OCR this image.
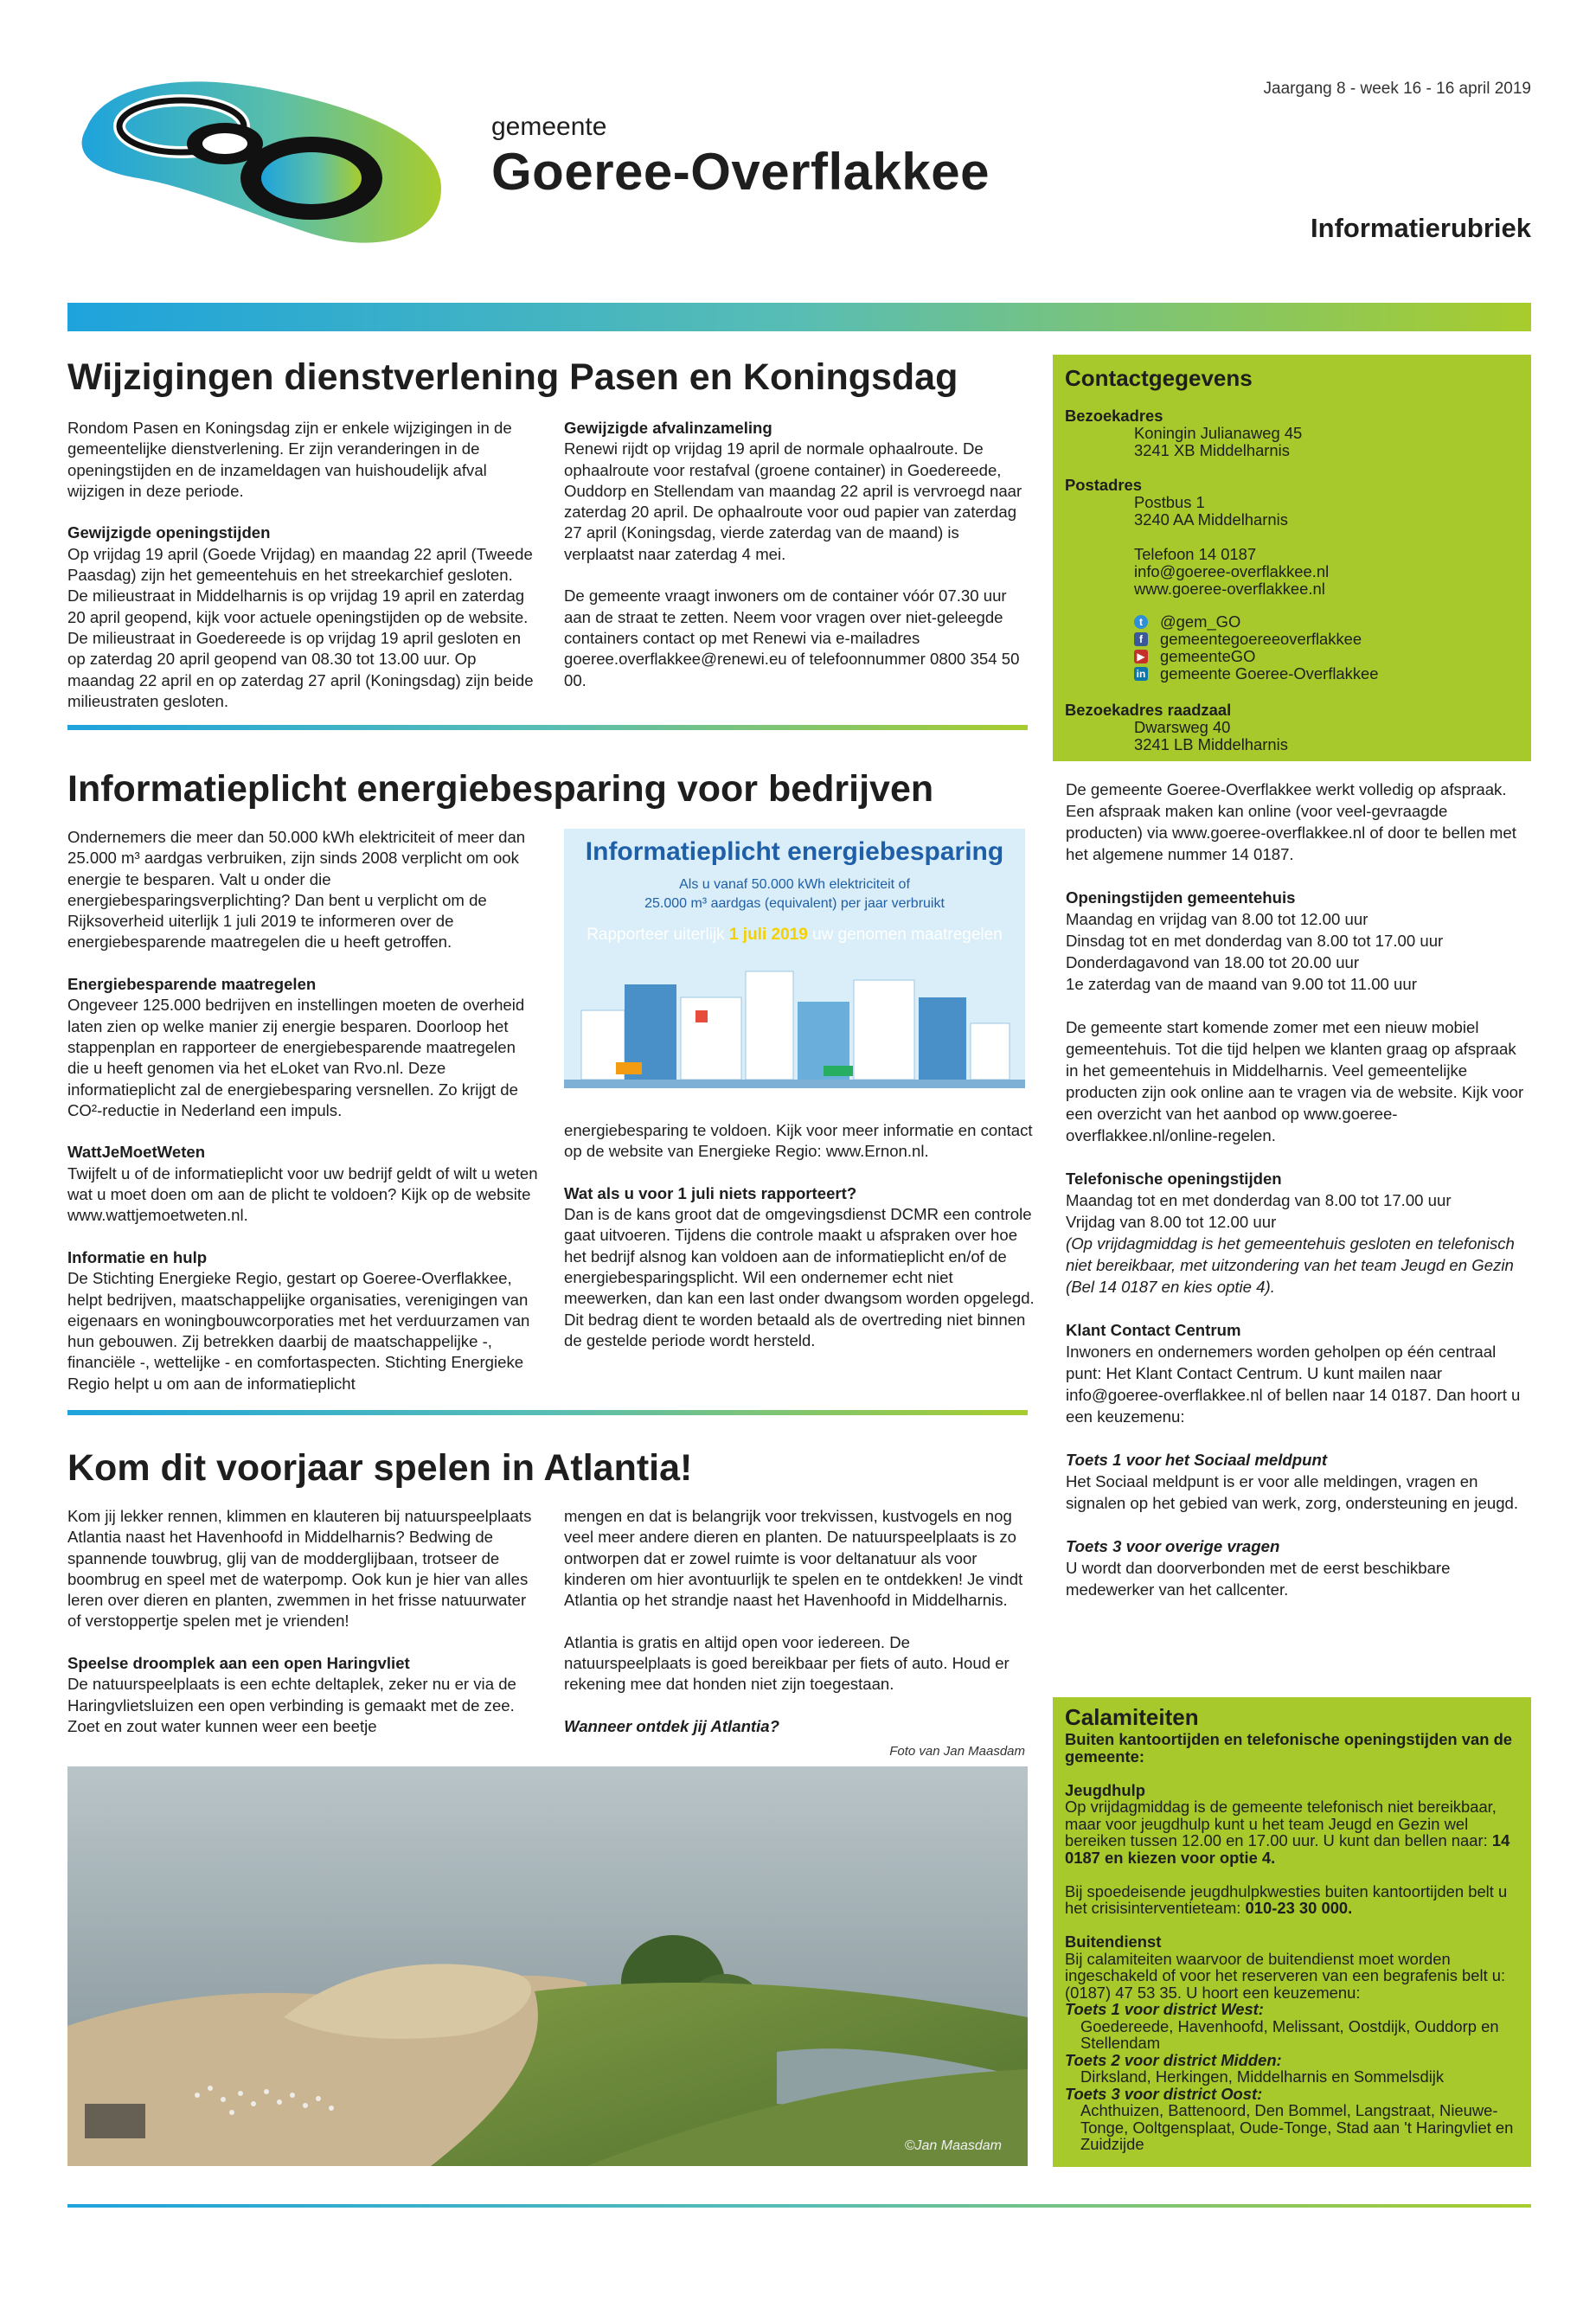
gemeente
Goeree-Overflakkee
Jaargang 8 - week 16 - 16 april 2019
Informatierubriek
Wijzigingen dienstverlening Pasen en Koningsdag

Rondom Pasen en Koningsdag zijn er enkele wijzigingen in de gemeentelijke dienstverlening. Er zijn veranderingen in de openingstijden en de inzameldagen van huishoudelijk afval wijzigen in deze periode.

Gewijzigde openingstijden

Op vrijdag 19 april (Goede Vrijdag) en maandag 22 april (Tweede Paasdag) zijn het gemeentehuis en het streekarchief gesloten. De milieustraat in Middelharnis is op vrijdag 19 april en zaterdag 20 april geopend, kijk voor actuele openingstijden op de website. De milieustraat in Goedereede is op vrijdag 19 april gesloten en op zaterdag 20 april geopend van 08.30 tot 13.00 uur. Op maandag 22 april en op zaterdag 27 april (Koningsdag) zijn beide milieustraten gesloten.

Gewijzigde afvalinzameling

Renewi rijdt op vrijdag 19 april de normale ophaalroute. De ophaalroute voor restafval (groene container) in Goedereede, Ouddorp en Stellendam van maandag 22 april is vervroegd naar zaterdag 20 april. De ophaalroute voor oud papier van zaterdag 27 april (Koningsdag, vierde zaterdag van de maand) is verplaatst naar zaterdag 4 mei.

De gemeente vraagt inwoners om de container vóór 07.30 uur aan de straat te zetten. Neem voor vragen over niet-geleegde containers contact op met Renewi via e-mailadres goeree.overflakkee@renewi.eu of telefoonnummer 0800 354 50 00.

Informatieplicht energiebesparing voor bedrijven

Ondernemers die meer dan 50.000 kWh elektriciteit of meer dan 25.000 m³ aardgas verbruiken, zijn sinds 2008 verplicht om ook energie te besparen. Valt u onder die energiebesparingsverplichting? Dan bent u verplicht om de Rijksoverheid uiterlijk 1 juli 2019 te informeren over de energiebesparende maatregelen die u heeft getroffen.

Energiebesparende maatregelen

Ongeveer 125.000 bedrijven en instellingen moeten de overheid laten zien op welke manier zij energie besparen. Doorloop het stappenplan en rapporteer de energiebesparende maatregelen die u heeft genomen via het eLoket van Rvo.nl. Deze informatieplicht zal de energiebesparing versnellen. Zo krijgt de CO²-reductie in Nederland een impuls.

WattJeMoetWeten

Twijfelt u of de informatieplicht voor uw bedrijf geldt of wilt u weten wat u moet doen om aan de plicht te voldoen? Kijk op de website www.wattjemoetweten.nl.

Informatie en hulp

De Stichting Energieke Regio, gestart op Goeree-Overflakkee, helpt bedrijven, maatschappelijke organisaties, verenigingen van eigenaars en woningbouwcorporaties met het verduurzamen van hun gebouwen. Zij betrekken daarbij de maatschappelijke -, financiële -, wettelijke - en comfortaspecten. Stichting Energieke Regio helpt u om aan de informatieplicht

Informatieplicht energiebesparing
Als u vanaf 50.000 kWh elektriciteit of
25.000 m³ aardgas (equivalent) per jaar verbruikt
Rapporteer uiterlijk 1 juli 2019 uw genomen maatregelen

energiebesparing te voldoen. Kijk voor meer informatie en contact op de website van Energieke Regio: www.Ernon.nl.

Wat als u voor 1 juli niets rapporteert?

Dan is de kans groot dat de omgevingsdienst DCMR een controle gaat uitvoeren. Tijdens die controle maakt u afspraken over hoe het bedrijf alsnog kan voldoen aan de informatieplicht en/of de energiebesparingsplicht. Wil een ondernemer echt niet meewerken, dan kan een last onder dwangsom worden opgelegd. Dit bedrag dient te worden betaald als de overtreding niet binnen de gestelde periode wordt hersteld.

Kom dit voorjaar spelen in Atlantia!

Kom jij lekker rennen, klimmen en klauteren bij natuurspeelplaats Atlantia naast het Havenhoofd in Middelharnis? Bedwing de spannende touwbrug, glij van de modderglijbaan, trotseer de boombrug en speel met de waterpomp. Ook kun je hier van alles leren over dieren en planten, zwemmen in het frisse natuurwater of verstoppertje spelen met je vrienden!

Speelse droomplek aan een open Haringvliet

De natuurspeelplaats is een echte deltaplek, zeker nu er via de Haringvlietsluizen een open verbinding is gemaakt met de zee. Zoet en zout water kunnen weer een beetje

mengen en dat is belangrijk voor trekvissen, kustvogels en nog veel meer andere dieren en planten. De natuurspeelplaats is zo ontworpen dat er zowel ruimte is voor deltanatuur als voor kinderen om hier avontuurlijk te spelen en te ontdekken! Je vindt Atlantia op het strandje naast het Havenhoofd in Middelharnis.

Atlantia is gratis en altijd open voor iedereen. De natuurspeelplaats is goed bereikbaar per fiets of auto. Houd er rekening mee dat honden niet zijn toegestaan.

Wanneer ontdek jij Atlantia?
Foto van Jan Maasdam
©Jan Maasdam
Contactgegevens
Bezoekadres
Koningin Julianaweg 45
3241 XB Middelharnis
Postadres
Postbus 1
3240 AA Middelharnis
Telefoon 14 0187
info@goeree-overflakkee.nl
www.goeree-overflakkee.nl
t	@gem_GO
f	gemeentegoereeoverflakkee
▶ gemeenteGO
in gemeente Goeree-Overflakkee
Bezoekadres raadzaal
Dwarsweg 40
3241 LB Middelharnis

De gemeente Goeree-Overflakkee werkt volledig op afspraak. Een afspraak maken kan online (voor veel-gevraagde producten) via www.goeree-overflakkee.nl of door te bellen met het algemene nummer 14 0187.

Openingstijden gemeentehuis
Maandag en vrijdag van 8.00 tot 12.00 uur
Dinsdag tot en met donderdag van 8.00 tot 17.00 uur
Donderdagavond van 18.00 tot 20.00 uur
1e zaterdag van de maand van 9.00 tot 11.00 uur

De gemeente start komende zomer met een nieuw mobiel gemeentehuis. Tot die tijd helpen we klanten graag op afspraak in het gemeentehuis in Middelharnis. Veel gemeentelijke producten zijn ook online aan te vragen via de website. Kijk voor een overzicht van het aanbod op www.goeree-overflakkee.nl/online-regelen.

Telefonische openingstijden
Maandag tot en met donderdag van 8.00 tot 17.00 uur
Vrijdag van 8.00 tot 12.00 uur

(Op vrijdagmiddag is het gemeentehuis gesloten en telefonisch niet bereikbaar, met uitzondering van het team Jeugd en Gezin (Bel 14 0187 en kies optie 4).

Klant Contact Centrum

Inwoners en ondernemers worden geholpen op één centraal punt: Het Klant Contact Centrum. U kunt mailen naar info@goeree-overflakkee.nl of bellen naar 14 0187. Dan hoort u een keuzemenu:

Toets 1 voor het Sociaal meldpunt

Het Sociaal meldpunt is er voor alle meldingen, vragen en signalen op het gebied van werk, zorg, ondersteuning en jeugd.

Toets 3 voor overige vragen

U wordt dan doorverbonden met de eerst beschikbare medewerker van het callcenter.

Calamiteiten

Buiten kantoortijden en telefonische openingstijden van de gemeente:

Jeugdhulp

Op vrijdagmiddag is de gemeente telefonisch niet bereikbaar, maar voor jeugdhulp kunt u het team Jeugd en Gezin wel bereiken tussen 12.00 en 17.00 uur. U kunt dan bellen naar: 14 0187 en kiezen voor optie 4.

Bij spoedeisende jeugdhulpkwesties buiten kantoortijden belt u het crisisinterventieteam: 010-23 30 000.

Buitendienst
Bij calamiteiten waarvoor de buitendienst moet worden ingeschakeld of voor het reserveren van een begrafenis belt u: (0187) 47 53 35. U hoort een keuzemenu:
Toets 1 voor district West:
Goedereede, Havenhoofd, Melissant, Oostdijk, Ouddorp en Stellendam
Toets 2 voor district Midden:
Dirksland, Herkingen, Middelharnis en Sommelsdijk
Toets 3 voor district Oost:
Achthuizen, Battenoord, Den Bommel, Langstraat, Nieuwe-Tonge, Ooltgensplaat, Oude-Tonge, Stad aan 't Haringvliet en Zuidzijde
